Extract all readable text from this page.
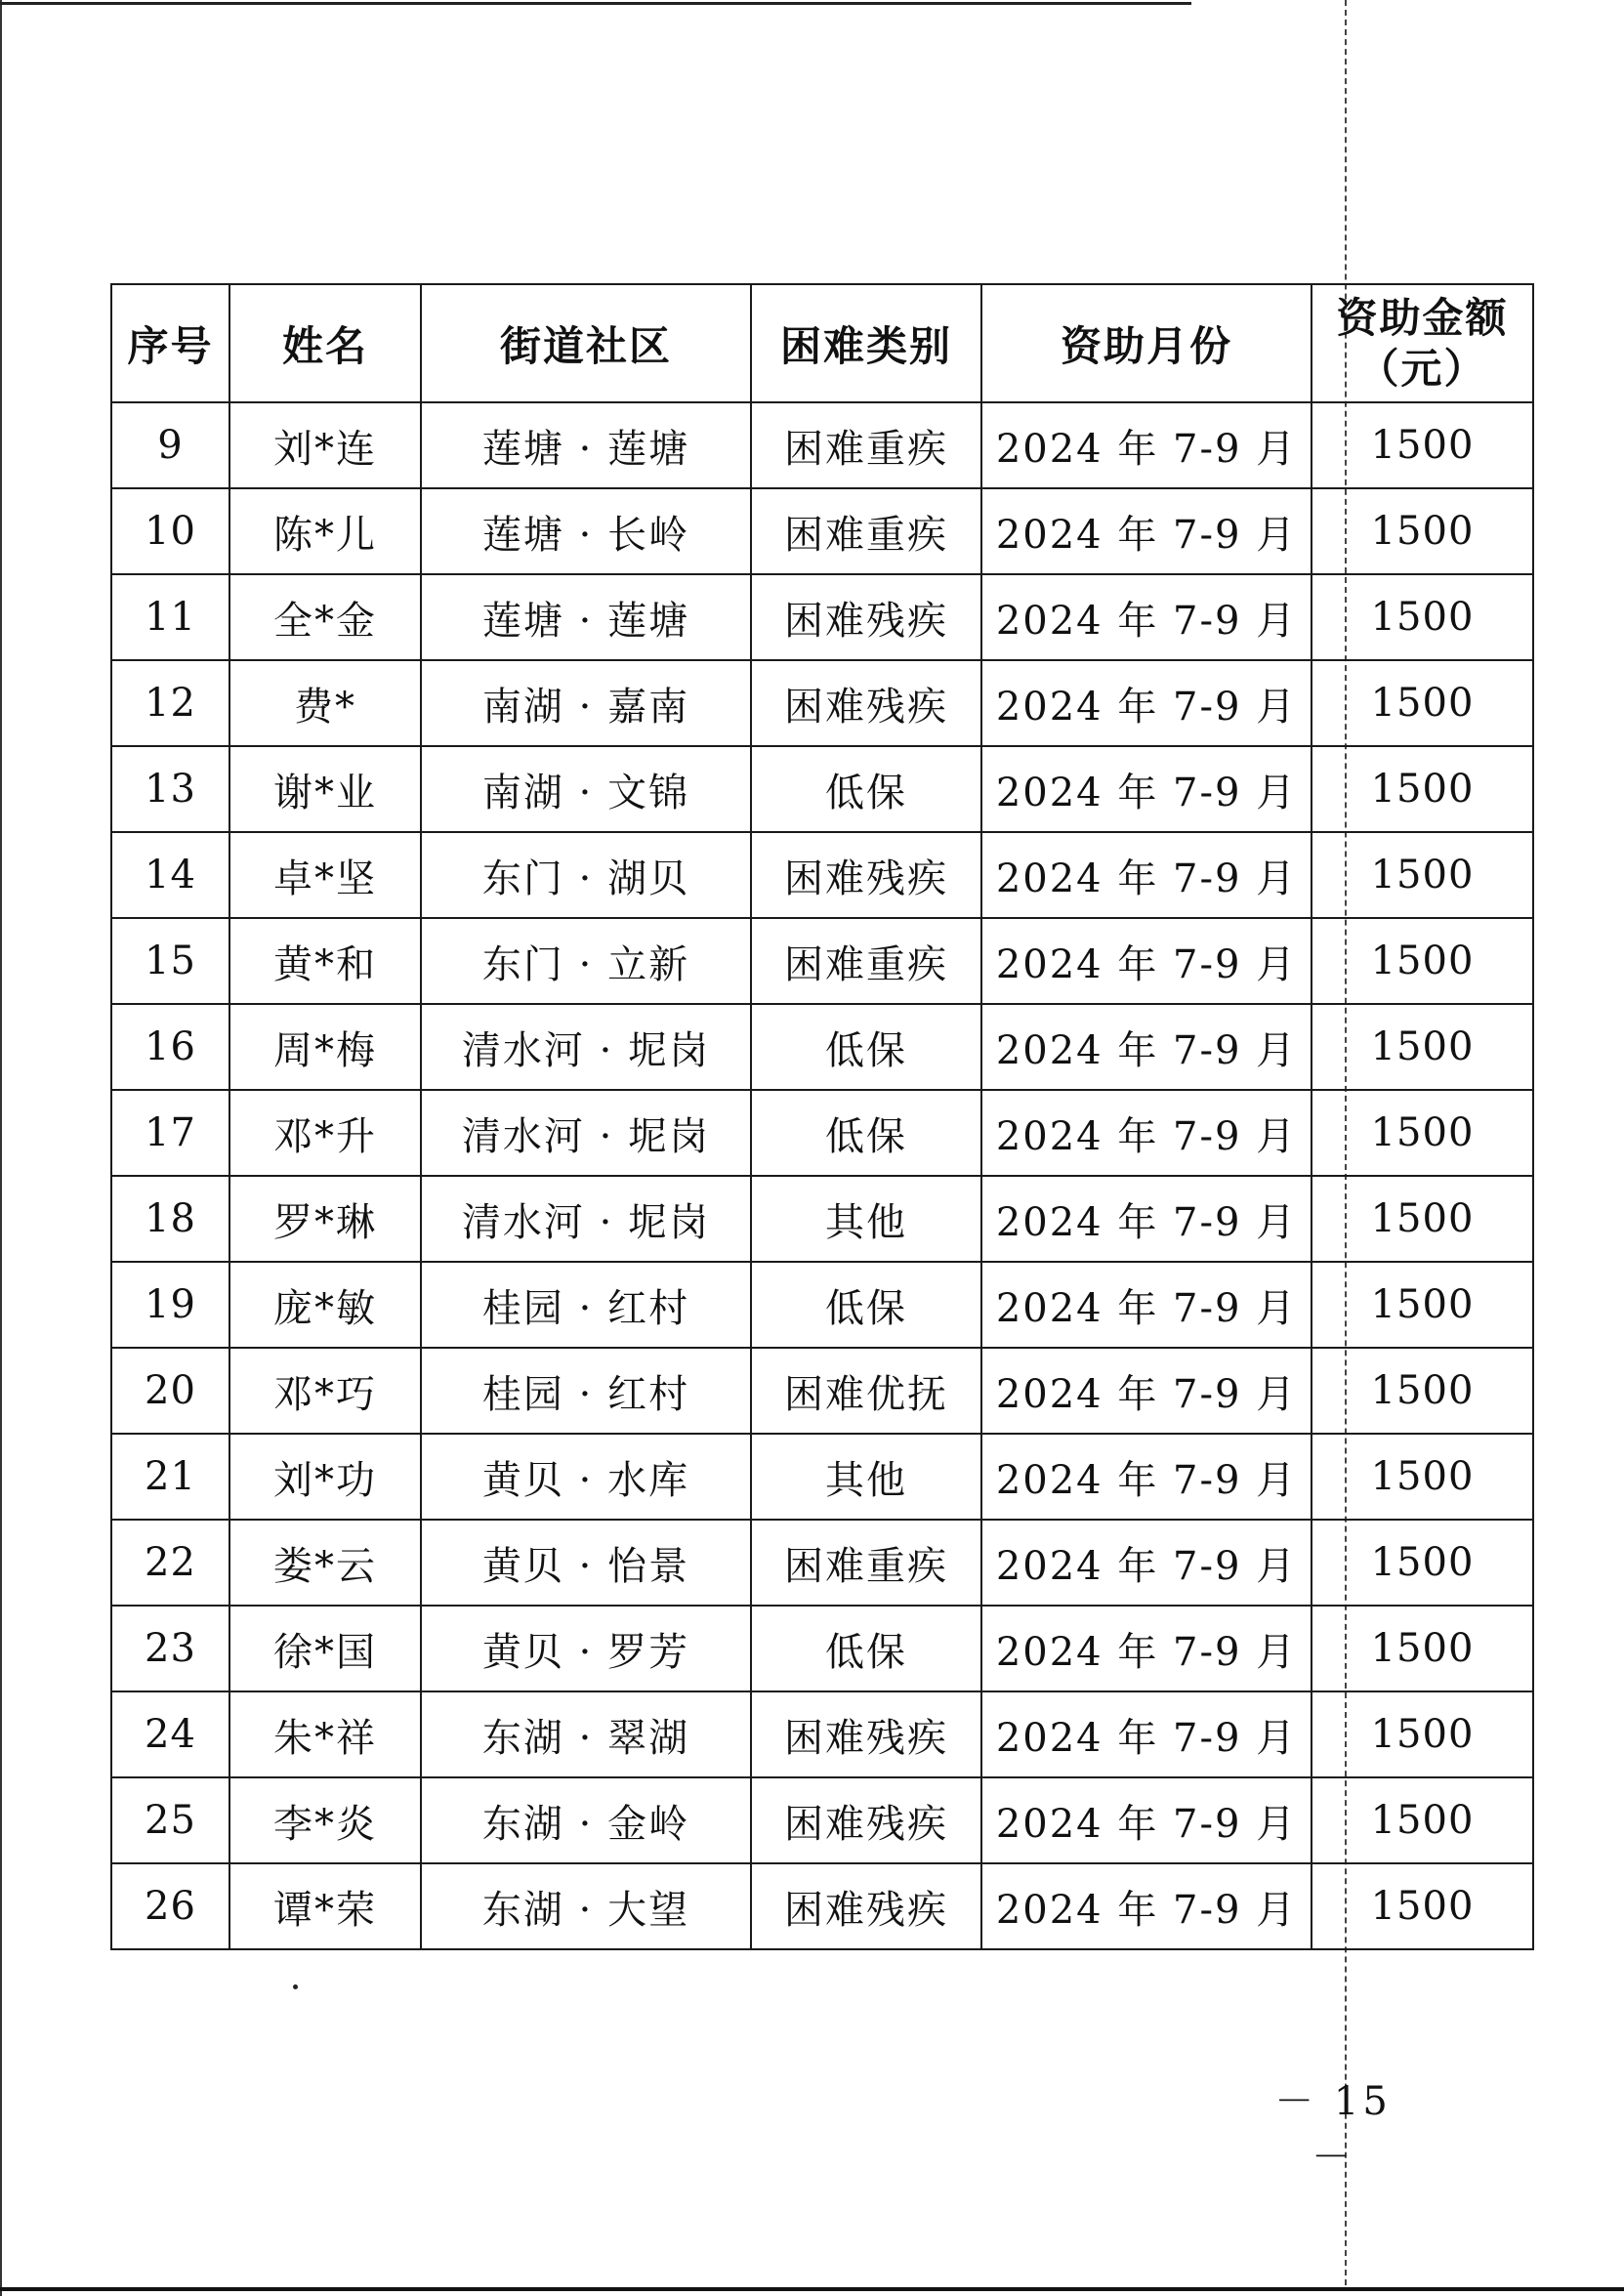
序号	姓名	街道社区	困难类别	资助月份	资助金额
（元）

9	刘*连	莲塘 · 莲塘	困难重疾	2024 年 7-9 月	1500
10	陈*儿	莲塘 · 长岭	困难重疾	2024 年 7-9 月	1500
11	全*金	莲塘 · 莲塘	困难残疾	2024 年 7-9 月	1500
12	费*	南湖 · 嘉南	困难残疾	2024 年 7-9 月	1500
13	谢*业	南湖 · 文锦	低保	2024 年 7-9 月	1500
14	卓*坚	东门 · 湖贝	困难残疾	2024 年 7-9 月	1500
15	黄*和	东门 · 立新	困难重疾	2024 年 7-9 月	1500
16	周*梅	清水河 · 坭岗	低保	2024 年 7-9 月	1500
17	邓*升	清水河 · 坭岗	低保	2024 年 7-9 月	1500
18	罗*琳	清水河 · 坭岗	其他	2024 年 7-9 月	1500
19	庞*敏	桂园 · 红村	低保	2024 年 7-9 月	1500
20	邓*巧	桂园 · 红村	困难优抚	2024 年 7-9 月	1500
21	刘*功	黄贝 · 水库	其他	2024 年 7-9 月	1500
22	娄*云	黄贝 · 怡景	困难重疾	2024 年 7-9 月	1500
23	徐*国	黄贝 · 罗芳	低保	2024 年 7-9 月	1500
24	朱*祥	东湖 · 翠湖	困难残疾	2024 年 7-9 月	1500
25	李*炎	东湖 · 金岭	困难残疾	2024 年 7-9 月	1500
26	谭*荣	东湖 · 大望	困难残疾	2024 年 7-9 月	1500
－ 15 －
